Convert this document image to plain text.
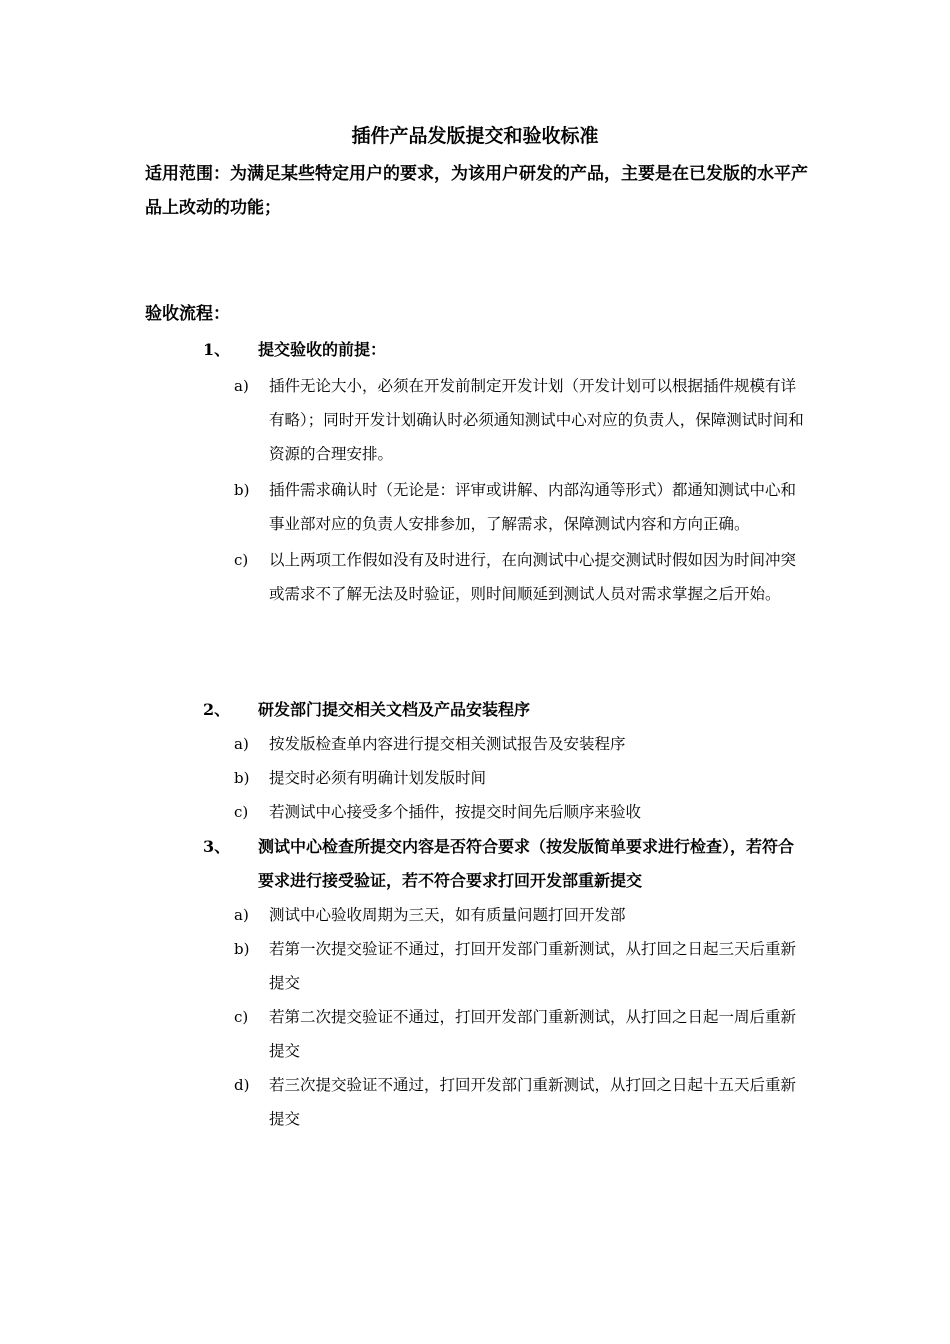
插件产品发版提交和验收标准
适用范围：为满足某些特定用户的要求，为该用户研发的产品，主要是在已发版的水平产品上改动的功能；
验收流程：
1、 提交验收的前提：
a) 插件无论大小，必须在开发前制定开发计划（开发计划可以根据插件规模有详有略）；同时开发计划确认时必须通知测试中心对应的负责人，保障测试时间和资源的合理安排。
b) 插件需求确认时（无论是：评审或讲解、内部沟通等形式）都通知测试中心和事业部对应的负责人安排参加，了解需求，保障测试内容和方向正确。
c) 以上两项工作假如没有及时进行，在向测试中心提交测试时假如因为时间冲突或需求不了解无法及时验证，则时间顺延到测试人员对需求掌握之后开始。
2、 研发部门提交相关文档及产品安装程序
a) 按发版检查单内容进行提交相关测试报告及安装程序
b) 提交时必须有明确计划发版时间
c) 若测试中心接受多个插件，按提交时间先后顺序来验收
3、 测试中心检查所提交内容是否符合要求（按发版简单要求进行检查），若符合要求进行接受验证，若不符合要求打回开发部重新提交
a) 测试中心验收周期为三天，如有质量问题打回开发部
b) 若第一次提交验证不通过，打回开发部门重新测试，从打回之日起三天后重新提交
c) 若第二次提交验证不通过，打回开发部门重新测试，从打回之日起一周后重新提交
d) 若三次提交验证不通过，打回开发部门重新测试，从打回之日起十五天后重新提交
